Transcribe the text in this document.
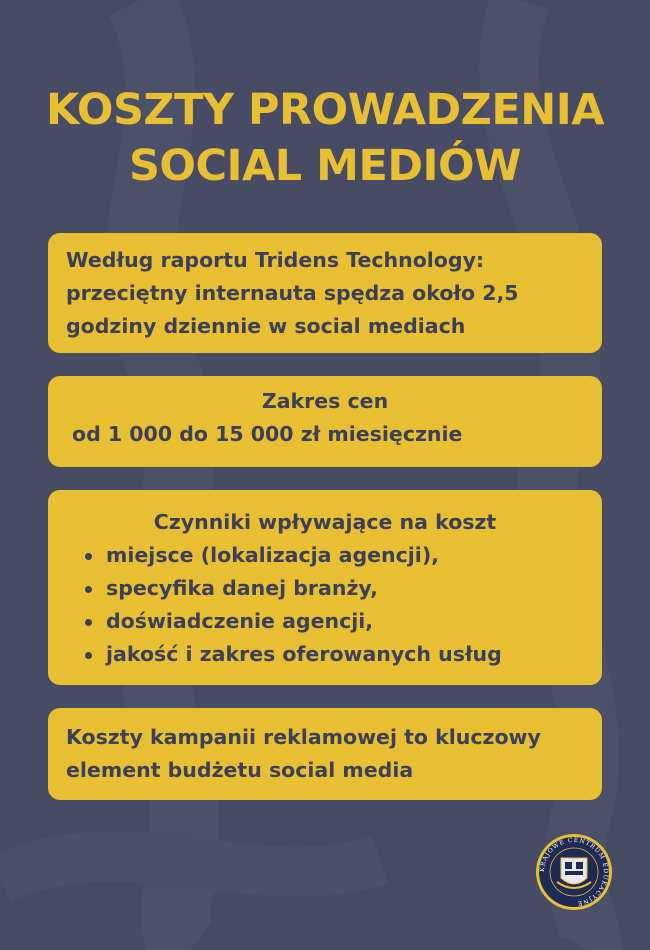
KOSZTY PROWADZENIA
SOCIAL MEDIÓW

Według raportu Tridens Technology:

przeciętny internauta spędza około 2,5

godziny dziennie w social mediach

Zakres cen

od 1 000 do 15 000 zł miesięcznie

Czynniki wpływające na koszt

miejsce (lokalizacja agencji),
specyfika danej branży,
doświadczenie agencji,
jakość i zakres oferowanych usług

Koszty kampanii reklamowej to kluczowy

element budżetu social media

KRAJOWE CENTRUM EDUKACYJNE
